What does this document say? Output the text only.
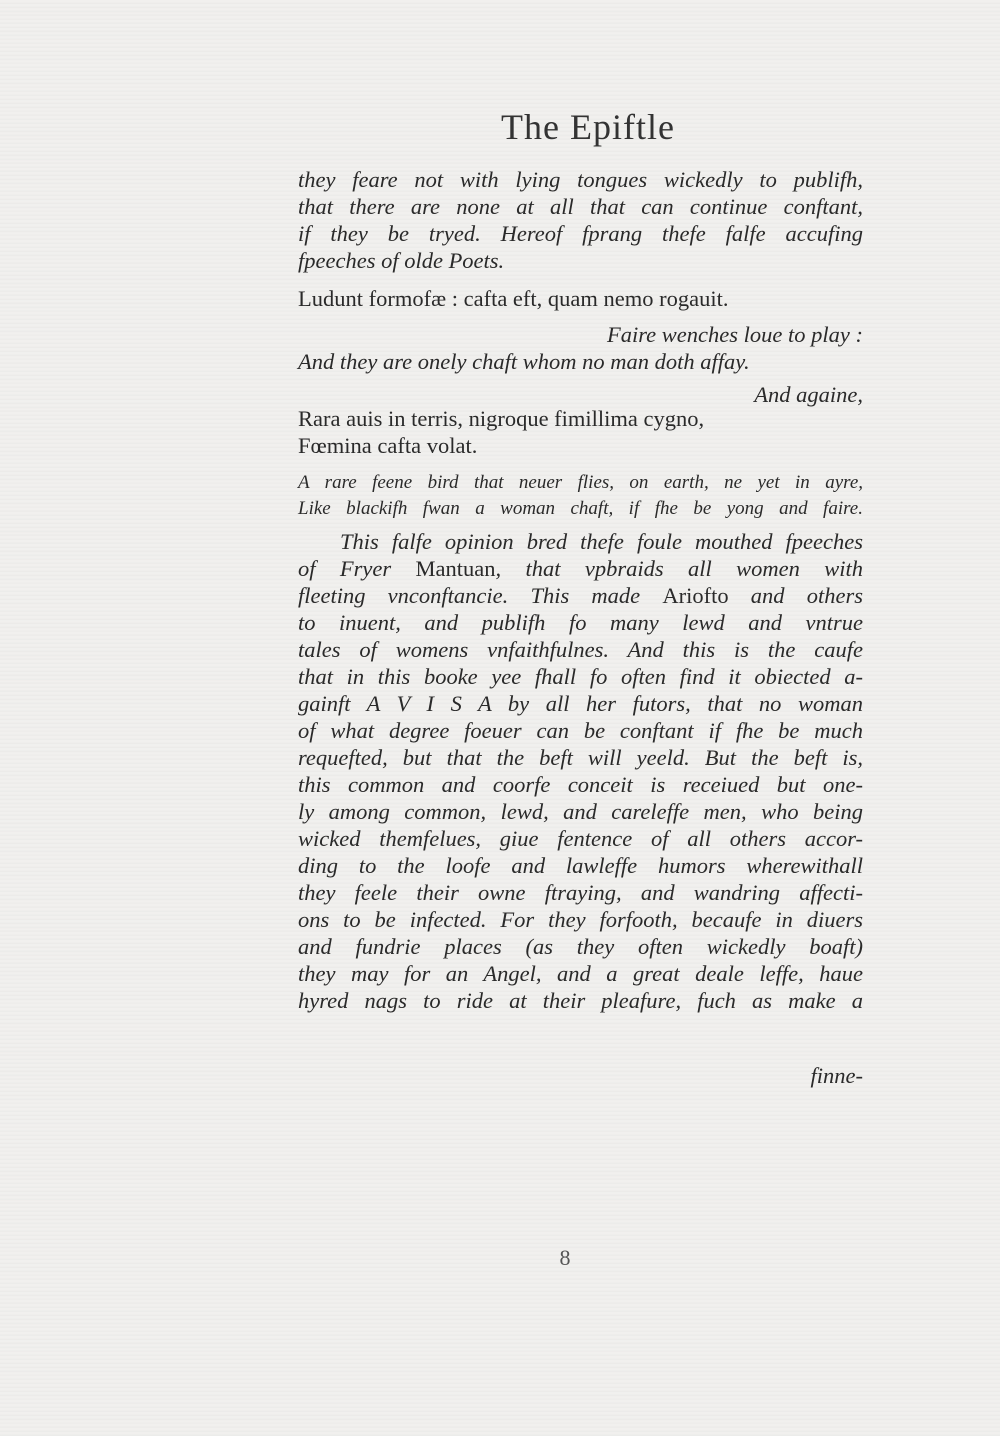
The Epiftle
they feare not with lying tongues wickedly to publifh,
that there are none at all that can continue conftant,
if they be tryed. Hereof fprang thefe falfe accufing
fpeeches of olde Poets.
Ludunt formofæ : cafta eft, quam nemo rogauit.
Faire wenches loue to play :
And they are onely chaft whom no man doth affay.
And againe,
Rara auis in terris, nigroque fimillima cygno,
Fœmina cafta volat.
A rare feene bird that neuer flies, on earth, ne yet in ayre,
Like blackifh fwan a woman chaft, if fhe be yong and faire.
This falfe opinion bred thefe foule mouthed fpeeches
of Fryer Mantuan, that vpbraids all women with
fleeting vnconftancie. This made Ariofto and others
to inuent, and publifh fo many lewd and vntrue
tales of womens vnfaithfulnes. And this is the caufe
that in this booke yee fhall fo often find it obiected a-
gainft A V I S A by all her futors, that no woman
of what degree foeuer can be conftant if fhe be much
requefted, but that the beft will yeeld. But the beft is,
this common and coorfe conceit is receiued but one-
ly among common, lewd, and careleffe men, who being
wicked themfelues, giue fentence of all others accor-
ding to the loofe and lawleffe humors wherewithall
they feele their owne ftraying, and wandring affecti-
ons to be infected. For they forfooth, becaufe in diuers
and fundrie places (as they often wickedly boaft)
they may for an Angel, and a great deale leffe, haue
hyred nags to ride at their pleafure, fuch as make a
finne-
8
